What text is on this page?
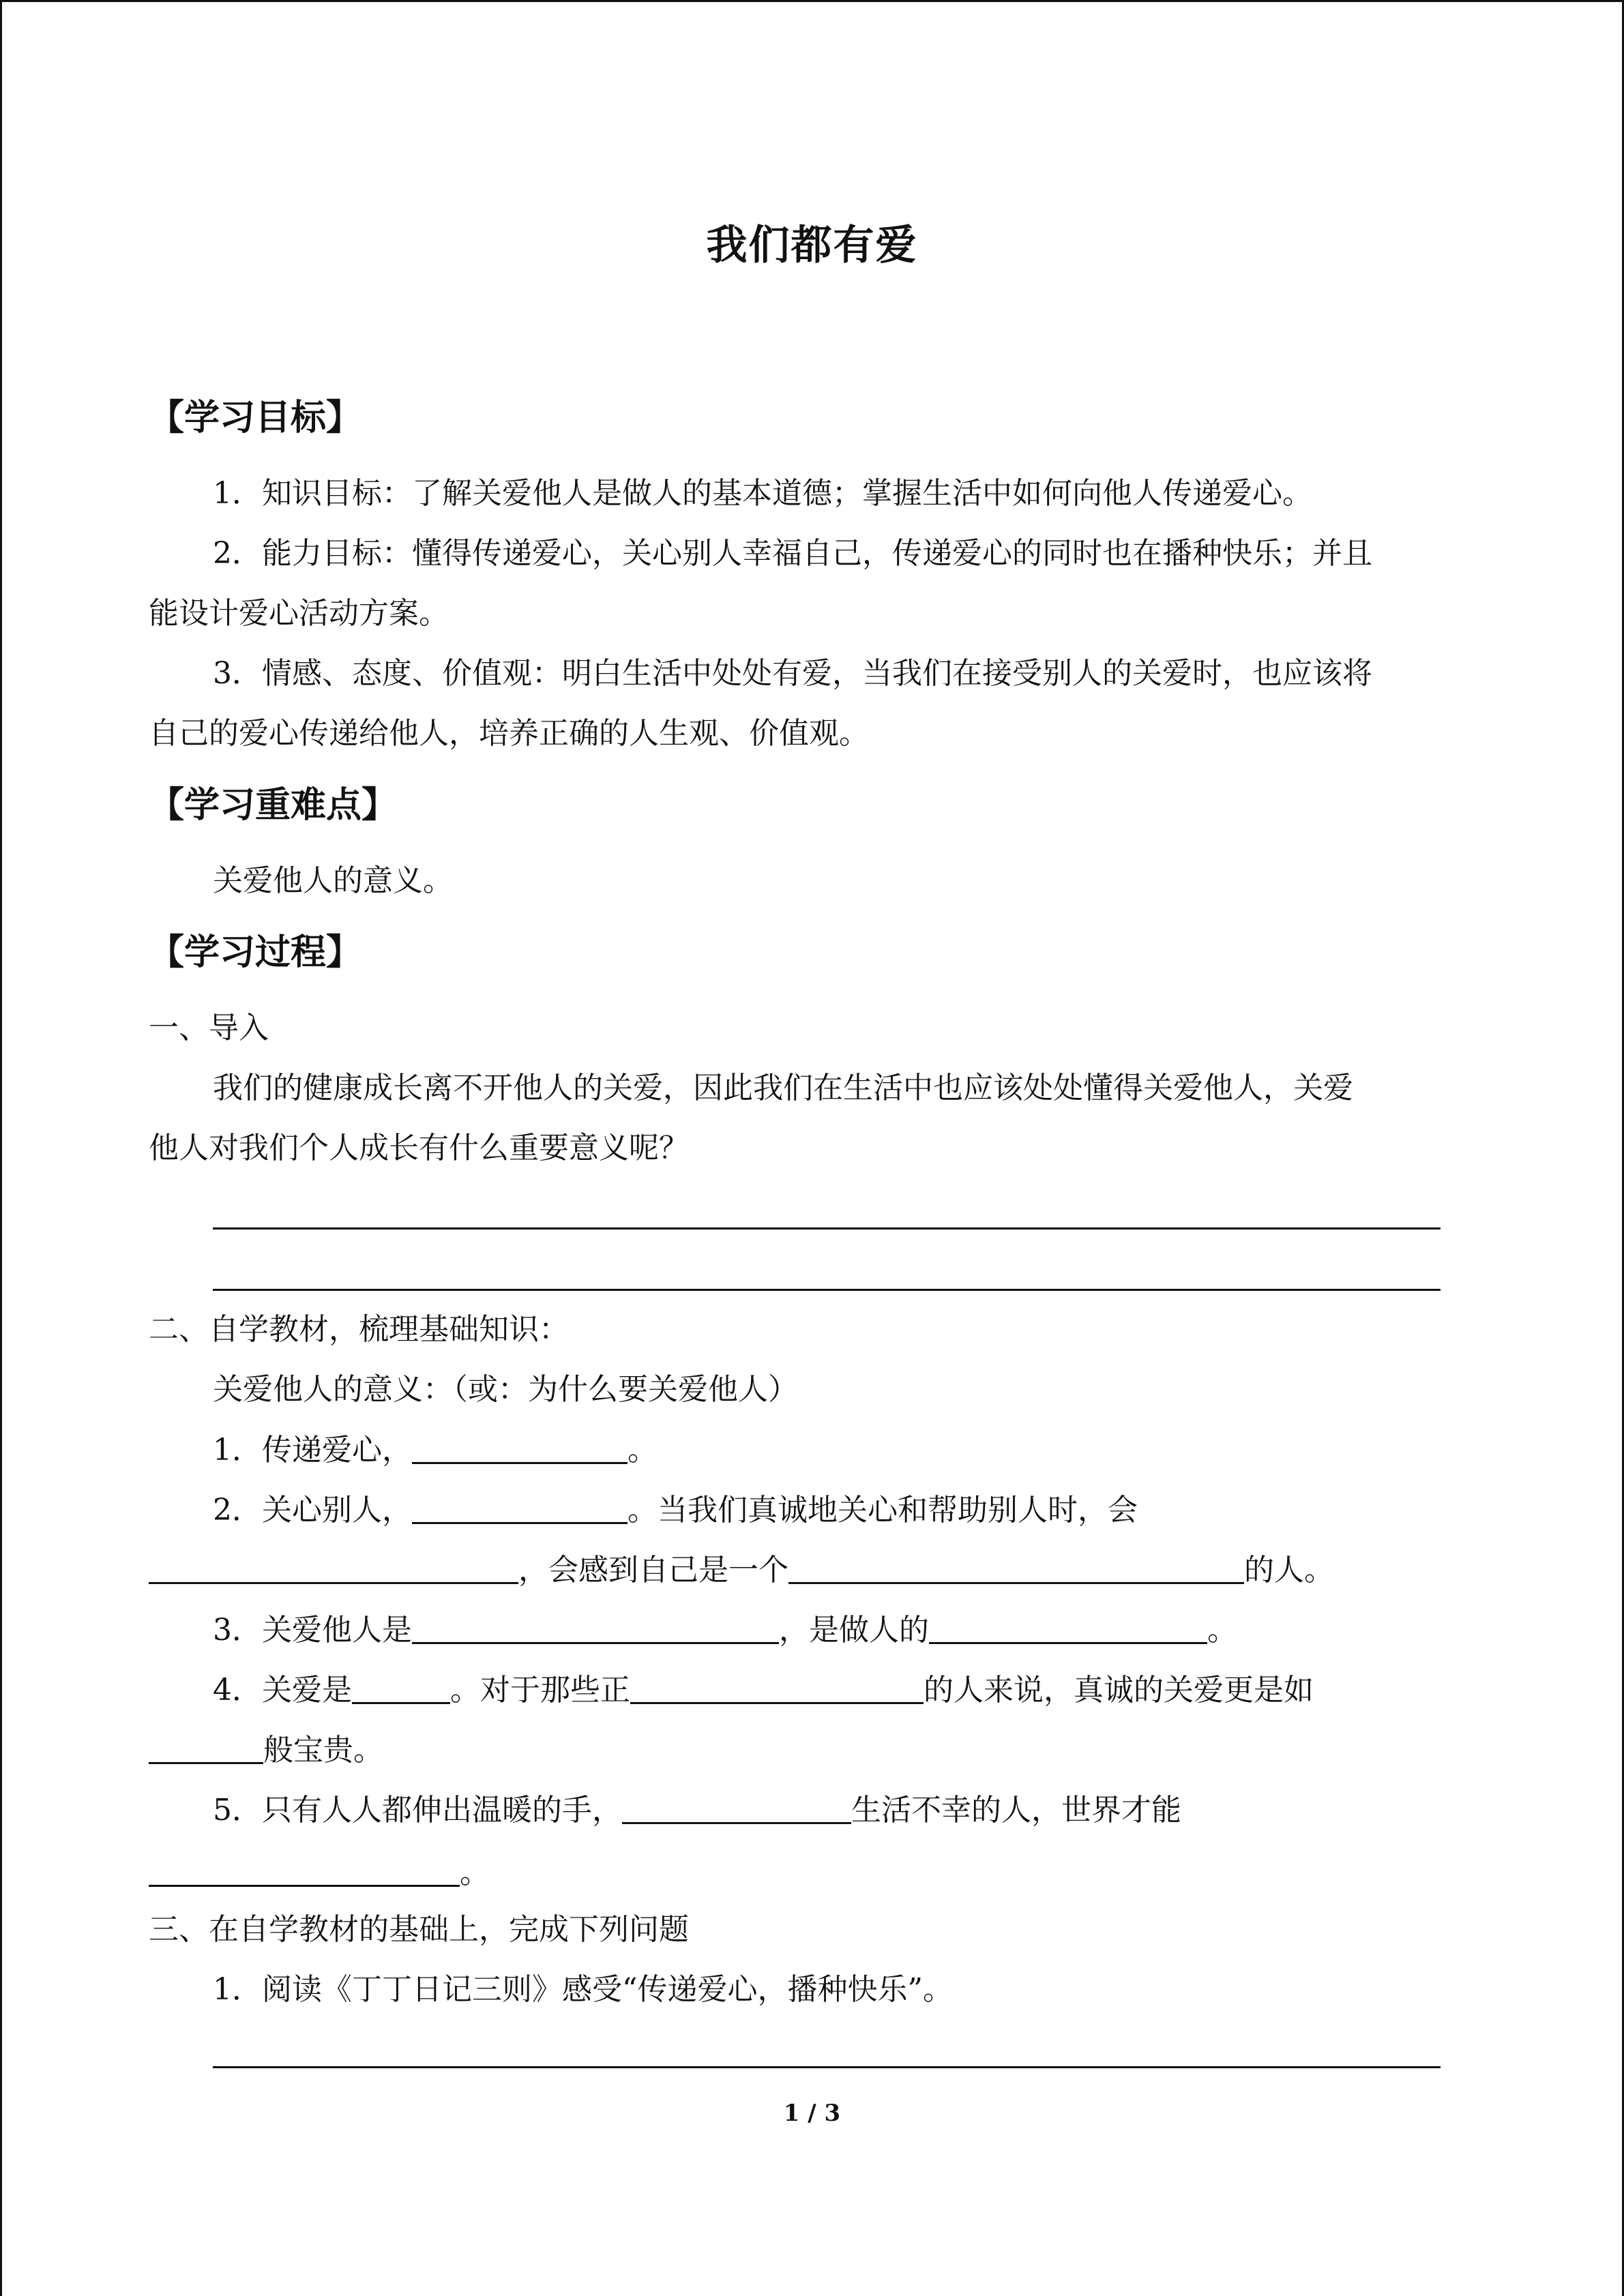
我们都有爱
【学习目标】
1．知识目标：了解关爱他人是做人的基本道德；掌握生活中如何向他人传递爱心。
2．能力目标：懂得传递爱心，关心别人幸福自己，传递爱心的同时也在播种快乐；并且
能设计爱心活动方案。
3．情感、态度、价值观：明白生活中处处有爱，当我们在接受别人的关爱时，也应该将
自己的爱心传递给他人，培养正确的人生观、价值观。
【学习重难点】
关爱他人的意义。
【学习过程】
一、导入
我们的健康成长离不开他人的关爱，因此我们在生活中也应该处处懂得关爱他人，关爱
他人对我们个人成长有什么重要意义呢？
二、自学教材，梳理基础知识：
关爱他人的意义：（或：为什么要关爱他人）
1．传递爱心，	。
2．关心别人，	。当我们真诚地关心和帮助别人时，会
，会感到自己是一个	的人。
3．关爱他人是	，是做人的	。
4．关爱是	。对于那些正	的人来说，真诚的关爱更是如
般宝贵。
5．只有人人都伸出温暖的手，	生活不幸的人，世界才能
。
三、在自学教材的基础上，完成下列问题
1．阅读《丁丁日记三则》感受“传递爱心，播种快乐”。
1 / 3
